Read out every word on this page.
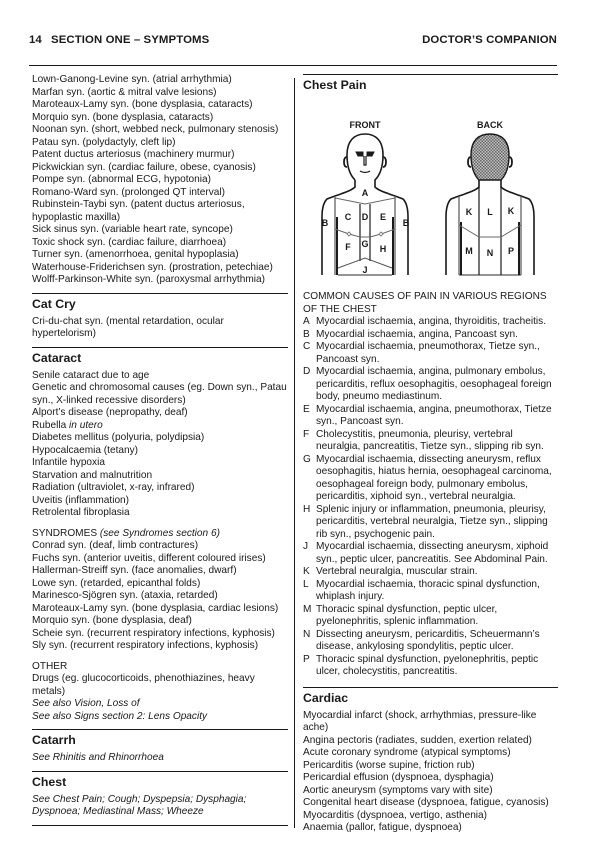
14 SECTION ONE – SYMPTOMS	DOCTOR’S COMPANION
Lown-Ganong-Levine syn. (atrial arrhythmia)
Marfan syn. (aortic & mitral valve lesions)
Maroteaux-Lamy syn. (bone dysplasia, cataracts)
Morquio syn. (bone dysplasia, cataracts)
Noonan syn. (short, webbed neck, pulmonary stenosis)
Patau syn. (polydactyly, cleft lip)
Patent ductus arteriosus (machinery murmur)
Pickwickian syn. (cardiac failure, obese, cyanosis)
Pompe syn. (abnormal ECG, hypotonia)
Romano-Ward syn. (prolonged QT interval)
Rubinstein-Taybi syn. (patent ductus arteriosus, hypoplastic maxilla)
Sick sinus syn. (variable heart rate, syncope)
Toxic shock syn. (cardiac failure, diarrhoea)
Turner syn. (amenorrhoea, genital hypoplasia)
Waterhouse-Friderichsen syn. (prostration, petechiae)
Wolff-Parkinson-White syn. (paroxysmal arrhythmia)
Cat Cry
Cri-du-chat syn. (mental retardation, ocular hypertelorism)
Cataract
Senile cataract due to age
Genetic and chromosomal causes (eg. Down syn., Patau syn., X-linked recessive disorders)
Alport’s disease (nepropathy, deaf)
Rubella in utero
Diabetes mellitus (polyuria, polydipsia)
Hypocalcaemia (tetany)
Infantile hypoxia
Starvation and malnutrition
Radiation (ultraviolet, x-ray, infrared)
Uveitis (inflammation)
Retrolental fibroplasia
SYNDROMES (see Syndromes section 6)
Conrad syn. (deaf, limb contractures)
Fuchs syn. (anterior uveitis, different coloured irises)
Hallerman-Streiff syn. (face anomalies, dwarf)
Lowe syn. (retarded, epicanthal folds)
Marinesco-Sjögren syn. (ataxia, retarded)
Maroteaux-Lamy syn. (bone dysplasia, cardiac lesions)
Morquio syn. (bone dysplasia, deaf)
Scheie syn. (recurrent respiratory infections, kyphosis)
Sly syn. (recurrent respiratory infections, kyphosis)
OTHER
Drugs (eg. glucocorticoids, phenothiazines, heavy metals)
See also Vision, Loss of
See also Signs section 2: Lens Opacity
Catarrh
See Rhinitis and Rhinorrhoea
Chest
See Chest Pain; Cough; Dyspepsia; Dysphagia; Dyspnoea; Mediastinal Mass; Wheeze
Chest Pain
FRONT	BACK
A
B
C D E
B
F G H
J
K L K
M N P
COMMON CAUSES OF PAIN IN VARIOUS REGIONS OF THE CHEST
A Myocardial ischaemia, angina, thyroiditis, tracheitis.
B Myocardial ischaemia, angina, Pancoast syn.
C Myocardial ischaemia, pneumothorax, Tietze syn., Pancoast syn.
D Myocardial ischaemia, angina, pulmonary embolus, pericarditis, reflux oesophagitis, oesophageal foreign body, pneumo mediastinum.
E Myocardial ischaemia, angina, pneumothorax, Tietze syn., Pancoast syn.
F Cholecystitis, pneumonia, pleurisy, vertebral neuralgia, pancreatitis, Tietze syn., slipping rib syn.
G Myocardial ischaemia, dissecting aneurysm, reflux oesophagitis, hiatus hernia, oesophageal carcinoma, oesophageal foreign body, pulmonary embolus, pericarditis, xiphoid syn., vertebral neuralgia.
H Splenic injury or inflammation, pneumonia, pleurisy, pericarditis, vertebral neuralgia, Tietze syn., slipping rib syn., psychogenic pain.
J Myocardial ischaemia, dissecting aneurysm, xiphoid syn., peptic ulcer, pancreatitis. See Abdominal Pain.
K Vertebral neuralgia, muscular strain.
L Myocardial ischaemia, thoracic spinal dysfunction, whiplash injury.
M Thoracic spinal dysfunction, peptic ulcer, pyelonephritis, splenic inflammation.
N Dissecting aneurysm, pericarditis, Scheuermann’s disease, ankylosing spondylitis, peptic ulcer.
P Thoracic spinal dysfunction, pyelonephritis, peptic ulcer, cholecystitis, pancreatitis.
Cardiac
Myocardial infarct (shock, arrhythmias, pressure-like ache)
Angina pectoris (radiates, sudden, exertion related)
Acute coronary syndrome (atypical symptoms)
Pericarditis (worse supine, friction rub)
Pericardial effusion (dyspnoea, dysphagia)
Aortic aneurysm (symptoms vary with site)
Congenital heart disease (dyspnoea, fatigue, cyanosis)
Myocarditis (dyspnoea, vertigo, asthenia)
Anaemia (pallor, fatigue, dyspnoea)
